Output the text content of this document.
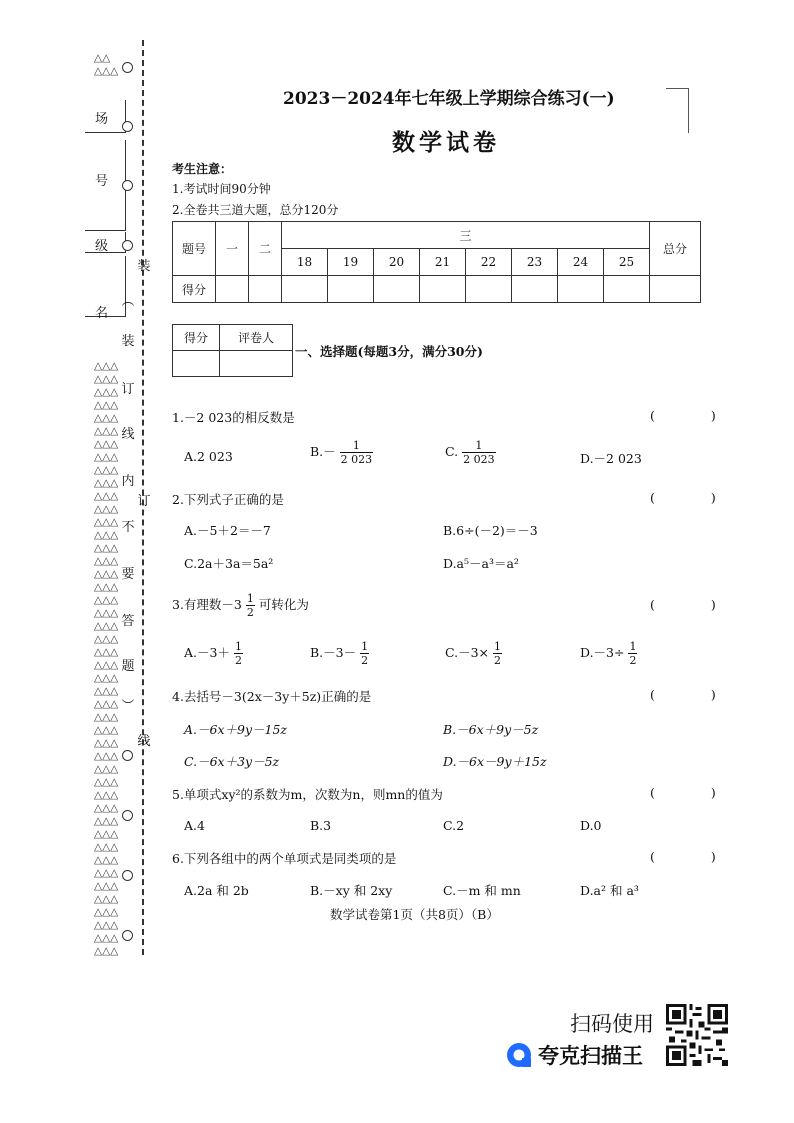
△△
△△△
△△△
△△△
△△△
△△△
△△△
△△△
△△△
△△△
△△△
△△△
△△△
△△△
△△△
△△△
△△△
△△△
△△△
△△△
△△△
△△△
△△△
△△△
△△△
△△△
△△△
△△△
△△△
△△△
△△△
△△△
△△△
△△△
△△△
△△△
△△△
△△△
△△△
△△△
△△△
△△△
△△△
△△△
△△△
△△△
△△△
△△△
场
号
级
名
装
︵
装
订
线
内
订
不
要
答
题
︶
线
2023－2024年七年级上学期综合练习(一)
数学试卷
考生注意：
1.考试时间90分钟
2.全卷共三道大题，总分120分
题号	一	二	三								总分
			18	19	20	21	22	23	24	25	
得分											
得分	评卷人

一、选择题(每题3分，满分30分)
1.－2 023的相反数是	( )
A.2 023	$B.- \frac{1}{2 023}$	C. $\frac{1}{2 023}$	D.－2 023
2.下列式子正确的是	( )
A.－5＋2＝－7	B.6÷(－2)＝－3
C.2a＋3a＝5a²	D.a⁵－a³＝a²
3.有理数$-3 \frac{1}{2}$ 可转化为	( )
$A.-3+ \frac{1}{2}$	$B.-3- \frac{1}{2}$	$C.-3\times \frac{1}{2}$	$D.-3\div \frac{1}{2}$
4.去括号－3(2x－3y＋5z)正确的是	( )
A.－6x＋9y－15z	B.－6x＋9y－5z
C.－6x＋3y－5z	D.－6x－9y＋15z
5.单项式xy²的系数为m，次数为n，则mn的值为	( )
A.4	B.3	C.2	D.0
6.下列各组中的两个单项式是同类项的是	( )
A.2a 和 2b	B.－xy 和 2xy	C.－m 和 mn	D.a² 和 a³
数学试卷第1页（共8页）（B）
扫码使用
夸克扫描王
